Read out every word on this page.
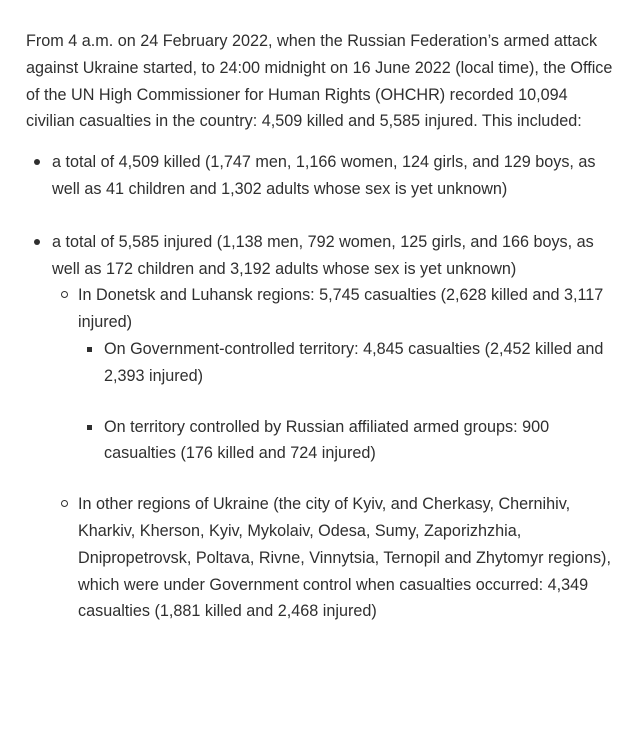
From 4 a.m. on 24 February 2022, when the Russian Federation’s armed attack against Ukraine started, to 24:00 midnight on 16 June 2022 (local time), the Office of the UN High Commissioner for Human Rights (OHCHR) recorded 10,094 civilian casualties in the country: 4,509 killed and 5,585 injured. This included:

a total of 4,509 killed (1,747 men, 1,166 women, 124 girls, and 129 boys, as well as 41 children and 1,302 adults whose sex is yet unknown)
a total of 5,585 injured (1,138 men, 792 women, 125 girls, and 166 boys, as well as 172 children and 3,192 adults whose sex is yet unknown)
In Donetsk and Luhansk regions: 5,745 casualties (2,628 killed and 3,117 injured)
On Government-controlled territory: 4,845 casualties (2,452 killed and 2,393 injured)
On territory controlled by Russian affiliated armed groups: 900 casualties (176 killed and 724 injured)
In other regions of Ukraine (the city of Kyiv, and Cherkasy, Chernihiv, Kharkiv, Kherson, Kyiv, Mykolaiv, Odesa, Sumy, Zaporizhzhia, Dnipropetrovsk, Poltava, Rivne, Vinnytsia, Ternopil and Zhytomyr regions), which were under Government control when casualties occurred: 4,349 casualties (1,881 killed and 2,468 injured)
